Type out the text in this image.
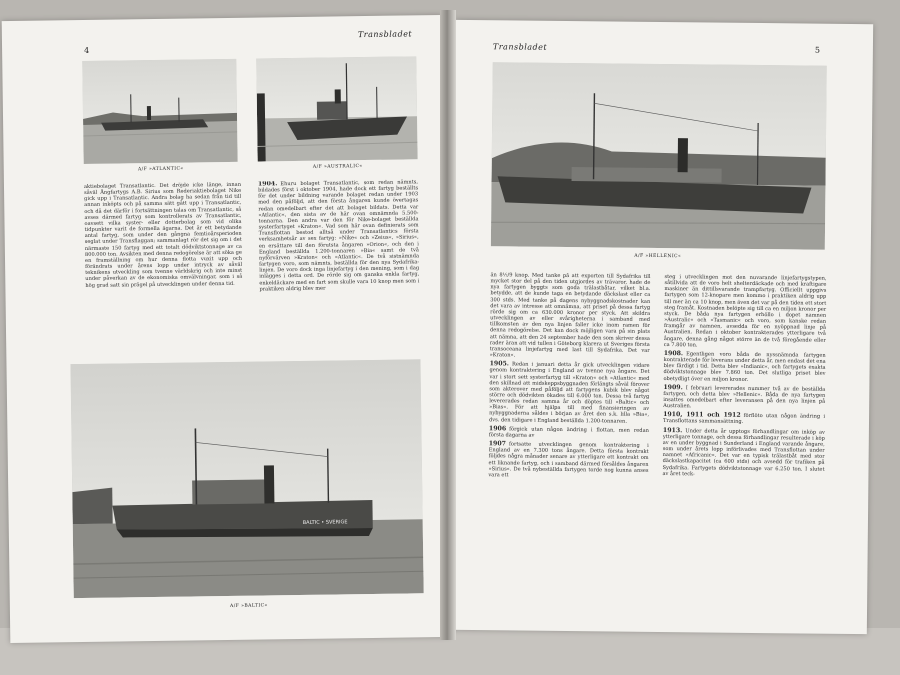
4
Transbladet
A/F »ATLANTIC«	A/F »AUSTRALIC«

aktiebolaget Transatlantic. Det dröjde icke länge, innan såväl Ångfartygs A.B. Sirius som Rederiaktiebolaget Nike gick upp i Transatlantic. Andra bolag ha sedan från tid till annan inköpts och på samma sätt gått upp i Transatlantic, och då det därför i fortsättningen talas om Transatlantic, så avses därmed fartyg som kontrollerats av Transatlantic, oavsett vilka syster- eller dotterbolag som vid olika tidpunkter varit de formella ägarna. Det är ett betydande antal fartyg, som under den gångna femtioårsperioden seglat under Transflaggan; sammanlagt rör det sig om i det närmaste 150 fartyg med ett totalt dödviktstonnage av ca 800.000 ton. Avsikten med denna redogörelse är att söka ge en framställning om hur denna flotta vuxit upp och förändrats under årens lopp under intryck av såväl teknikens utveckling som tvenne världskrig och inte minst under påverkan av de ekonomiska omvälvningar, som i så hög grad satt sin prägel på utvecklingen under denna tid.

1904. Ehuru bolaget Transatlantic, som redan nämnts, bildades först i oktober 1904, hade dock ett fartyg beställts för det under bildning varande bolaget redan under 1903 med den påföljd, att den första ångaren kunde övertagas redan omedelbart efter det att bolaget bildats. Detta var »Atlantic«, den sista av de här ovan omnämnda 5.500-tonnarna. Den andra var den för Nike-bolaget beställda systerfartyget »Kraton«. Vad som här ovan definierats som Transflottan bestod alltså under Transatlantics första verksamhetsår av sex fartyg: »Nike« och »Zeius«, »Sirius«, en ersättare till den förutsta ångaren »Orion«, och den i England beställda 1.200-tonnaren »Bia« samt de två nyförvärven »Kraton« och »Atlantic«. De två sistnämnda fartygen voro, som nämnts, beställda för den nya Sydafrika-linjen. De voro dock inga linjefartyg i den mening, som i dag inlägges i detta ord. De rörde sig om ganska enkla fartyg, enkeldäckare med en fart som skulle vara 10 knop men som i praktiken aldrig blev mer

BALTIC • SVERIGE
A/F »BALTIC«
Transbladet	5
A/F »HELLENIC«

än 8½/9 knop. Med tanke på att exporten till Sydafrika till mycket stor del på den tiden utgjordes av trävaror, hade de nya fartygen byggts som goda trälastbåtar, vilket bl.a. betydde, att de kunde taga en betydande däckslast eller ca 300 stds. Med tanke på dagens nybyggnadskostnader kan det vara av intresse att omnämna, att priset på dessa fartyg rörde sig om ca 630.000 kronor per styck. Att skildra utvecklingen av eller svårigheterna i samband med tillkomsten av den nya linjen faller icke inom ramen för denna redogörelse. Det kan dock möjligen vara på sin plats att nämna, att den 24 september hade den som skriver dessa rader äran att vid tullen i Göteborg klarera ut Sveriges första transoceana linjefartyg med last till Sydafrika. Det var »Kraton«.

1905. Redan i januari detta år gick utvecklingen vidare genom kontraktering i England av tvenne nya ångare. Det var i stort sett systerfartyg till »Kraton« och »Atlantic« med den skillnad att midskeppsbyggnaden förlängts såväl förover som akterover med påföljd att fartygens kubik blev något större och dödvikten ökades till 6.000 ton. Dessa två fartyg levererades redan samma år och döptes till »Baltic« och »Bias«. För att hjälpa till med finansieringen av nybyggnaderna såldes i början av året den s.k. lilla »Bia«, dvs. den tidigare i England beställda 1.200-tonnaren.

1906 förgick utan någon ändring i flottan, men redan första dagarna av

1907 fortsatte utvecklingen genom kontraktering i England av en 7.300 tons ångare. Detta första kontrakt följdes några månader senare av ytterligare ett kontrakt om ett liknande fartyg, och i samband därmed försåldes ångaren »Sirius«. De två nybeställda fartygen torde nog kunna anses vara ett

steg i utvecklingen mot den nuvarande linjefartygstypen, såtillvida att de voro helt shelterdäckade och med kraftigare maskiner än dittillsvarande trampfartyg. Officiellt uppgivs fartygen som 12-knopare men kommo i praktiken aldrig upp till mer än ca 10 knop, men även det var på den tiden ett stort steg framåt. Kostnaden belöpte sig till ca en miljon kronor per styck. De båda nya fartygen erhöllo i dopet namnen »Australic« och »Tasmanic« och voro, som kanske redan framgår av namnen, avsedda för en nyöppnad linje på Australien. Redan i oktober kontrakterades ytterligare två ångare, denna gång något större än de två föregående eller ca 7.800 ton.

1908. Egentligen voro båda de nyssnämnda fartygen kontrakterade för leverans under detta år, men endast det ena blev färdigt i tid. Detta blev »Indianic«, och fartygets exakta dödviktstonnage blev 7.860 ton. Det slutliga priset blev obetydligt över en miljon kronor.

1909. I februari levererades nummer två av de beställda fartygen, och detta blev »Hellenic«. Båda de nya fartygen insattes omedelbart efter leveransen på den nya linjen på Australien.

1910, 1911 och 1912 förflöto utan någon ändring i Transflottans sammansättning.

1913. Under detta år upptogs förhandlingar om inköp av ytterligare tonnage, och dessa förhandlingar resulterade i köp av en under byggnad i Sunderland i England varande ångare, som under årets lopp införlivades med Transflottan under namnet »Africanic«. Det var en typisk trälastbåt med stor däckslastkapacitet (ca 600 stds) och avsedd för trafiken på Sydafrika. Fartygets dödviktstonnage var 6.250 ton. I slutet av året teck-
